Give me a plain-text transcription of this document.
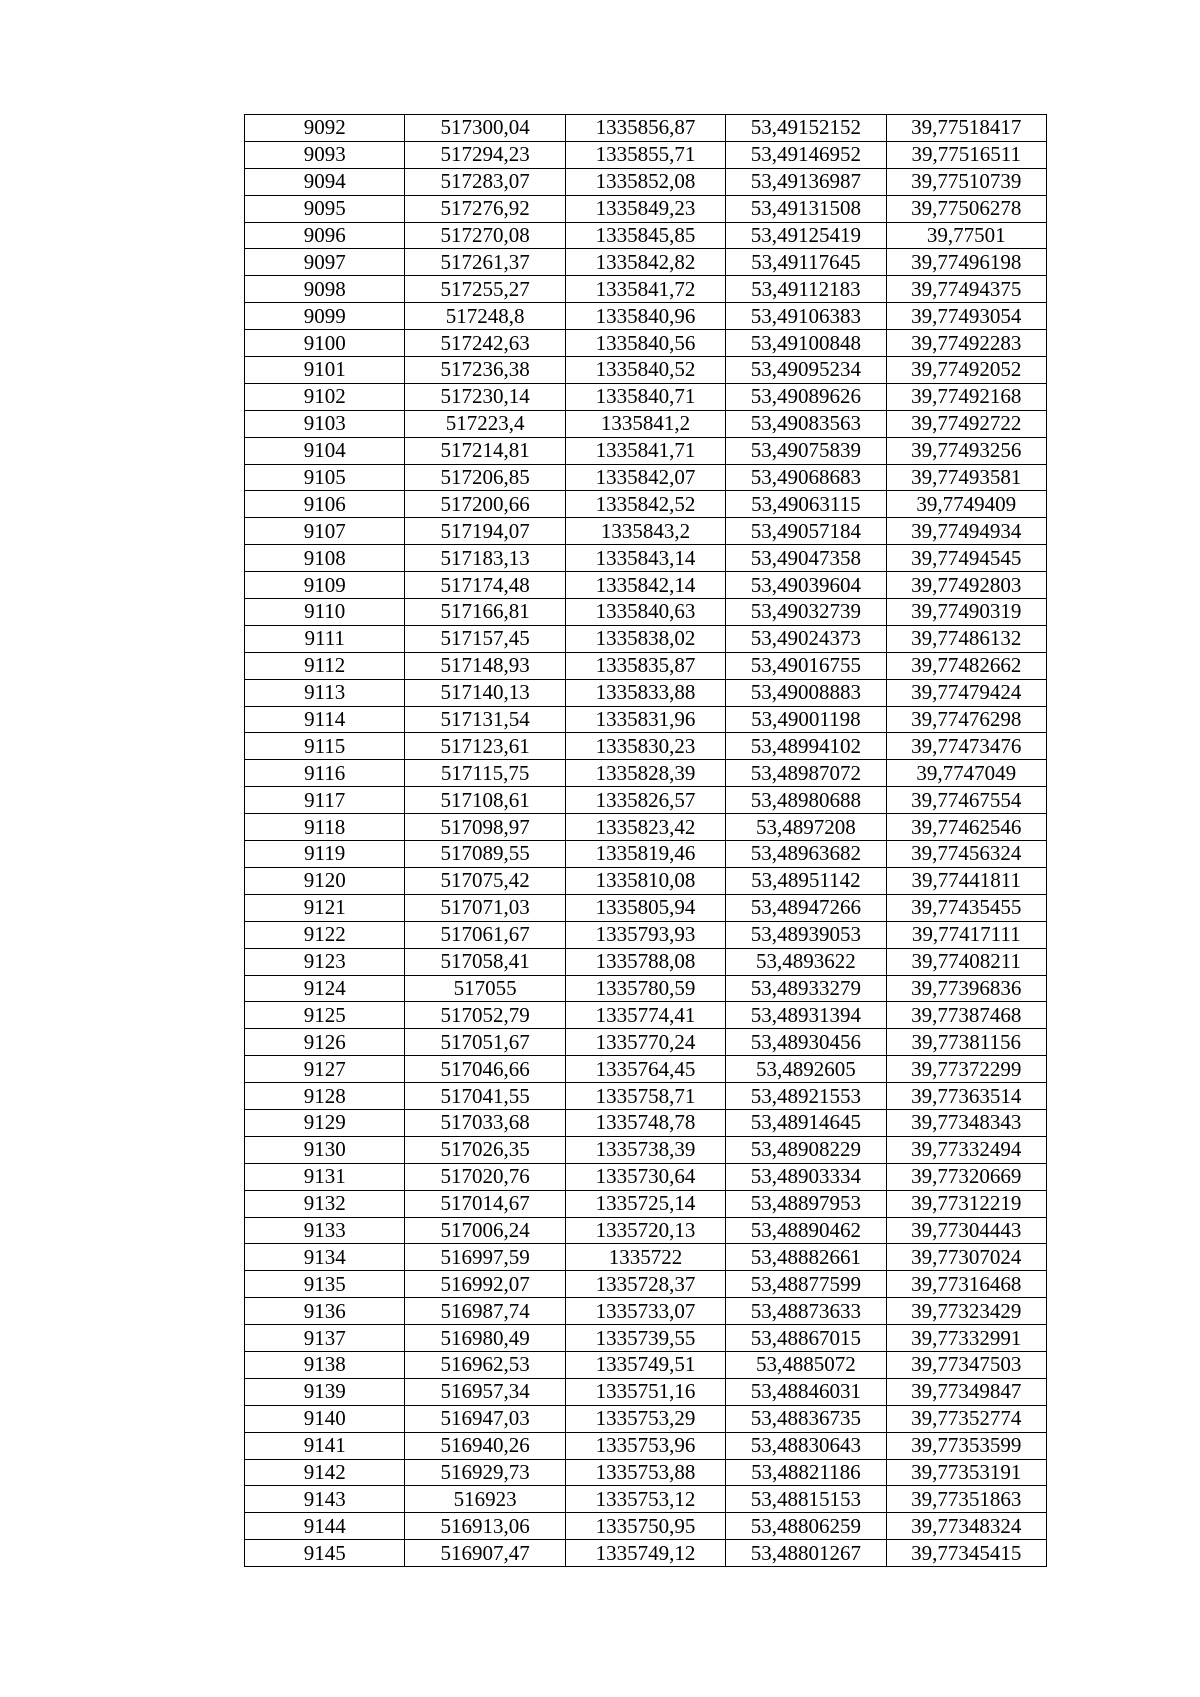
9092	517300,04	1335856,87	53,49152152	39,77518417
9093	517294,23	1335855,71	53,49146952	39,77516511
9094	517283,07	1335852,08	53,49136987	39,77510739
9095	517276,92	1335849,23	53,49131508	39,77506278
9096	517270,08	1335845,85	53,49125419	39,77501
9097	517261,37	1335842,82	53,49117645	39,77496198
9098	517255,27	1335841,72	53,49112183	39,77494375
9099	517248,8	1335840,96	53,49106383	39,77493054
9100	517242,63	1335840,56	53,49100848	39,77492283
9101	517236,38	1335840,52	53,49095234	39,77492052
9102	517230,14	1335840,71	53,49089626	39,77492168
9103	517223,4	1335841,2	53,49083563	39,77492722
9104	517214,81	1335841,71	53,49075839	39,77493256
9105	517206,85	1335842,07	53,49068683	39,77493581
9106	517200,66	1335842,52	53,49063115	39,7749409
9107	517194,07	1335843,2	53,49057184	39,77494934
9108	517183,13	1335843,14	53,49047358	39,77494545
9109	517174,48	1335842,14	53,49039604	39,77492803
9110	517166,81	1335840,63	53,49032739	39,77490319
9111	517157,45	1335838,02	53,49024373	39,77486132
9112	517148,93	1335835,87	53,49016755	39,77482662
9113	517140,13	1335833,88	53,49008883	39,77479424
9114	517131,54	1335831,96	53,49001198	39,77476298
9115	517123,61	1335830,23	53,48994102	39,77473476
9116	517115,75	1335828,39	53,48987072	39,7747049
9117	517108,61	1335826,57	53,48980688	39,77467554
9118	517098,97	1335823,42	53,4897208	39,77462546
9119	517089,55	1335819,46	53,48963682	39,77456324
9120	517075,42	1335810,08	53,48951142	39,77441811
9121	517071,03	1335805,94	53,48947266	39,77435455
9122	517061,67	1335793,93	53,48939053	39,77417111
9123	517058,41	1335788,08	53,4893622	39,77408211
9124	517055	1335780,59	53,48933279	39,77396836
9125	517052,79	1335774,41	53,48931394	39,77387468
9126	517051,67	1335770,24	53,48930456	39,77381156
9127	517046,66	1335764,45	53,4892605	39,77372299
9128	517041,55	1335758,71	53,48921553	39,77363514
9129	517033,68	1335748,78	53,48914645	39,77348343
9130	517026,35	1335738,39	53,48908229	39,77332494
9131	517020,76	1335730,64	53,48903334	39,77320669
9132	517014,67	1335725,14	53,48897953	39,77312219
9133	517006,24	1335720,13	53,48890462	39,77304443
9134	516997,59	1335722	53,48882661	39,77307024
9135	516992,07	1335728,37	53,48877599	39,77316468
9136	516987,74	1335733,07	53,48873633	39,77323429
9137	516980,49	1335739,55	53,48867015	39,77332991
9138	516962,53	1335749,51	53,4885072	39,77347503
9139	516957,34	1335751,16	53,48846031	39,77349847
9140	516947,03	1335753,29	53,48836735	39,77352774
9141	516940,26	1335753,96	53,48830643	39,77353599
9142	516929,73	1335753,88	53,48821186	39,77353191
9143	516923	1335753,12	53,48815153	39,77351863
9144	516913,06	1335750,95	53,48806259	39,77348324
9145	516907,47	1335749,12	53,48801267	39,77345415
